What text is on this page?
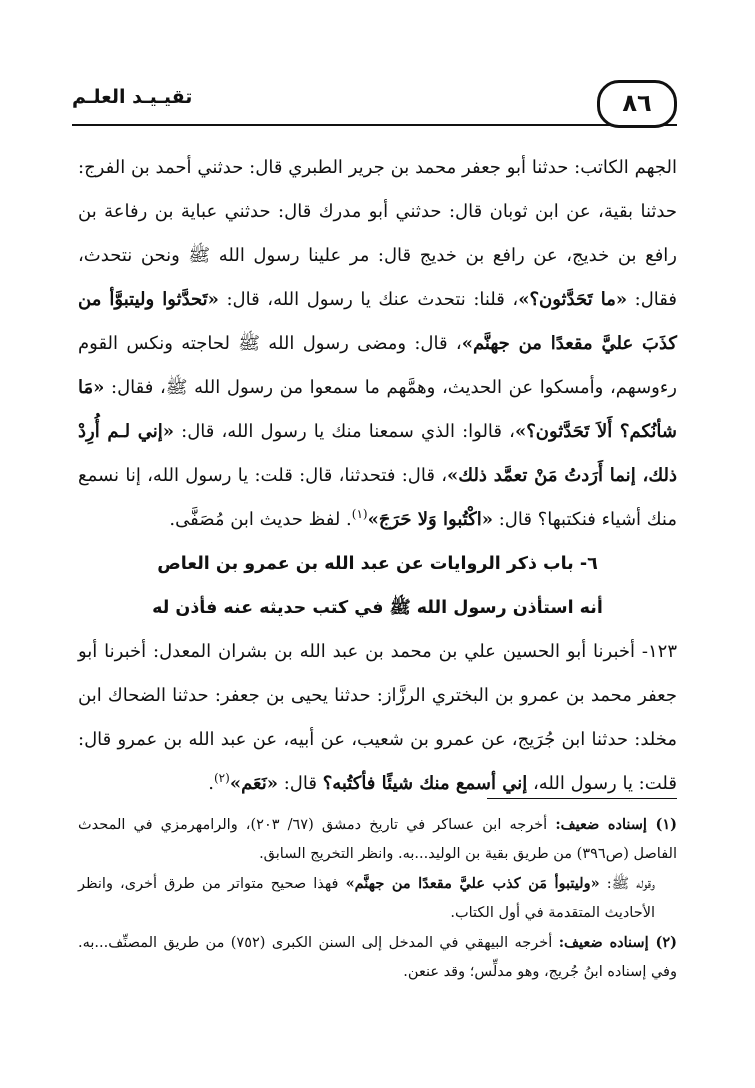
٨٦
تقيـيـد العلـم

الجهم الكاتب: حدثنا أبو جعفر محمد بن جرير الطبري قال: حدثني أحمد بن الفرج: حدثنا بقية، عن ابن ثوبان قال: حدثني أبو مدرك قال: حدثني عباية بن رفاعة بن رافع بن خديج، عن رافع بن خديج قال: مر علينا رسول الله ﷺ ونحن نتحدث، فقال: «ما تَحَدَّثون؟»، قلنا: نتحدث عنك يا رسول الله، قال: «تَحدَّثوا وليتبوَّأ من كذَبَ عليَّ مقعدًا من جهنَّم»، قال: ومضى رسول الله ﷺ لحاجته ونكس القوم رءوسهم، وأمسكوا عن الحديث، وهمَّهم ما سمعوا من رسول الله ﷺ، فقال: «مَا شأنُكم؟ أَلاَ تَحَدَّثون؟»، قالوا: الذي سمعنا منك يا رسول الله، قال: «إني لـم أُرِدْ ذلك، إنما أَرَدتُ مَنْ تعمَّد ذلك»، قال: فتحدثنا، قال: قلت: يا رسول الله، إنا نسمع منك أشياء فنكتبها؟ قال: «اكْتُبوا وَلا حَرَجَ»$^{(١)}$. لفظ حديث ابن مُصَفَّى.

٦- باب ذكر الروايات عن عبد الله بن عمرو بن العاص

أنه استأذن رسول الله ﷺ في كتب حديثه عنه فأذن له

١٢٣- أخبرنا أبو الحسين علي بن محمد بن عبد الله بن بشران المعدل: أخبرنا أبو جعفر محمد بن عمرو بن البختري الرزَّاز: حدثنا يحيى بن جعفر: حدثنا الضحاك ابن مخلد: حدثنا ابن جُرَيج، عن عمرو بن شعيب، عن أبيه، عن عبد الله بن عمرو قال: قلت: يا رسول الله، إني أسمع منك شيئًا فأكتُبه؟ قال: «نَعَم»$^{(٢)}$.

(١) إسناده ضعيف: أخرجه ابن عساكر في تاريخ دمشق (٦٧/ ٢٠٣)، والرامهرمزي في المحدث الفاصل (ص٣٩٦) من طريق بقية بن الوليد...به. وانظر التخريج السابق.

وقوله ﷺ: «وليتبوأ مَن كذب عليَّ مقعدًا من جهنَّم» فهذا صحيح متواتر من طرق أخرى، وانظر الأحاديث المتقدمة في أول الكتاب.

(٢) إسناده ضعيف: أخرجه البيهقي في المدخل إلى السنن الكبرى (٧٥٢) من طريق المصنِّف...به. وفي إسناده ابنُ جُريج، وهو مدلِّس؛ وقد عنعن.
